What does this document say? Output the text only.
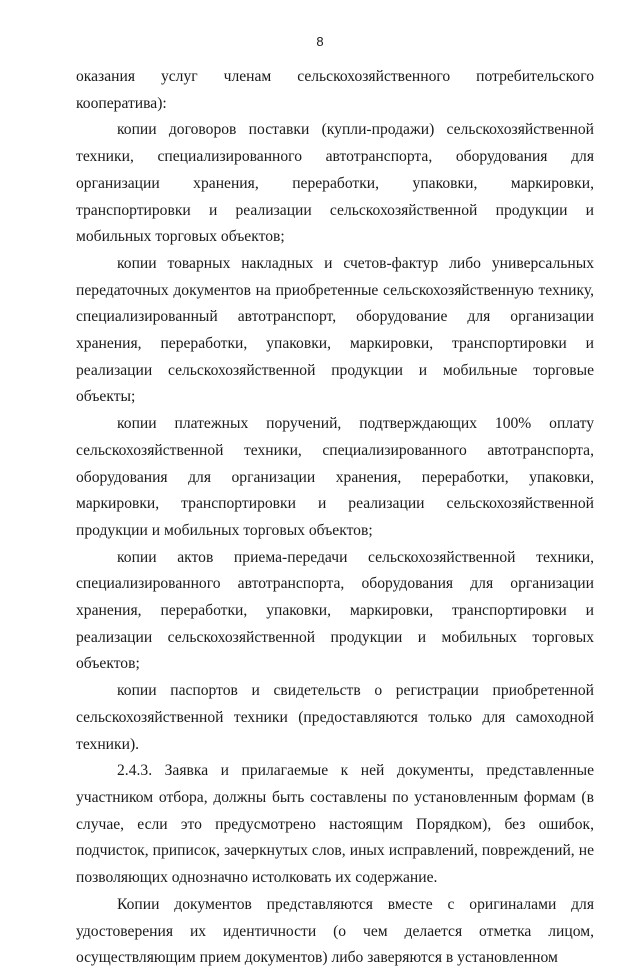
8

оказания услуг членам сельскохозяйственного потребительского кооператива):

копии договоров поставки (купли-продажи) сельскохозяйственной техники, специализированного автотранспорта, оборудования для организации хранения, переработки, упаковки, маркировки, транспортировки и реализации сельскохозяйственной продукции и мобильных торговых объектов;

копии товарных накладных и счетов-фактур либо универсальных передаточных документов на приобретенные сельскохозяйственную технику, специализированный автотранспорт, оборудование для организации хранения, переработки, упаковки, маркировки, транспортировки и реализации сельскохозяйственной продукции и мобильные торговые объекты;

копии платежных поручений, подтверждающих 100% оплату сельскохозяйственной техники, специализированного автотранспорта, оборудования для организации хранения, переработки, упаковки, маркировки, транспортировки и реализации сельскохозяйственной продукции и мобильных торговых объектов;

копии актов приема-передачи сельскохозяйственной техники, специализированного автотранспорта, оборудования для организации хранения, переработки, упаковки, маркировки, транспортировки и реализации сельскохозяйственной продукции и мобильных торговых объектов;

копии паспортов и свидетельств о регистрации приобретенной сельскохозяйственной техники (предоставляются только для самоходной техники).

2.4.3. Заявка и прилагаемые к ней документы, представленные участником отбора, должны быть составлены по установленным формам (в случае, если это предусмотрено настоящим Порядком), без ошибок, подчисток, приписок, зачеркнутых слов, иных исправлений, повреждений, не позволяющих однозначно истолковать их содержание.

Копии документов представляются вместе с оригиналами для удостоверения их идентичности (о чем делается отметка лицом, осуществляющим прием документов) либо заверяются в установленном
